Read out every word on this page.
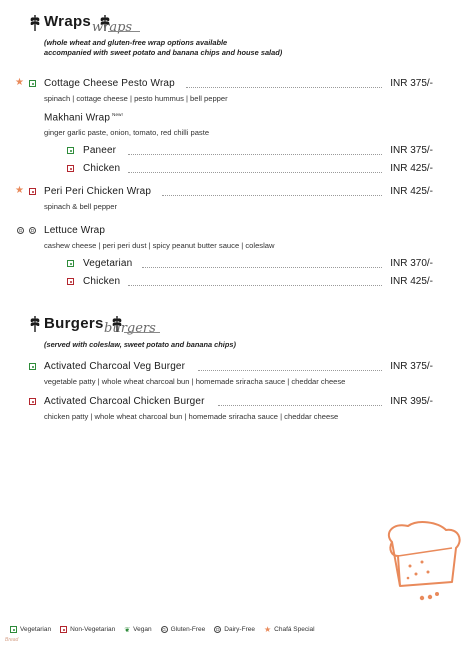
Wraps wraps
(whole wheat and gluten-free wrap options available
accompanied with sweet potato and banana chips and house salad)
★ Cottage Cheese Pesto Wrap	INR 375/-
spinach | cottage cheese | pesto hummus | bell pepper
Makhani Wrap $^{New!}$
ginger garlic paste, onion, tomato, red chilli paste
Paneer	INR 375/-
Chicken	INR 425/-
★ Peri Peri Chicken Wrap	INR 425/-
spinach & bell pepper
G	D Lettuce Wrap
cashew cheese | peri peri dust | spicy peanut butter sauce | coleslaw
Vegetarian	INR 370/-
Chicken	INR 425/-
Burgers burgers
(served with coleslaw, sweet potato and banana chips)
Activated Charcoal Veg Burger	INR 375/-
vegetable patty | whole wheat charcoal bun | homemade sriracha sauce | cheddar cheese
Activated Charcoal Chicken Burger	INR 395/-
chicken patty | whole wheat charcoal bun | homemade sriracha sauce | cheddar cheese
Vegetarian	Non-Vegetarian ❦ Vegan	G Gluten-Free	D Dairy-Free ★ Chafá Special
Bread
